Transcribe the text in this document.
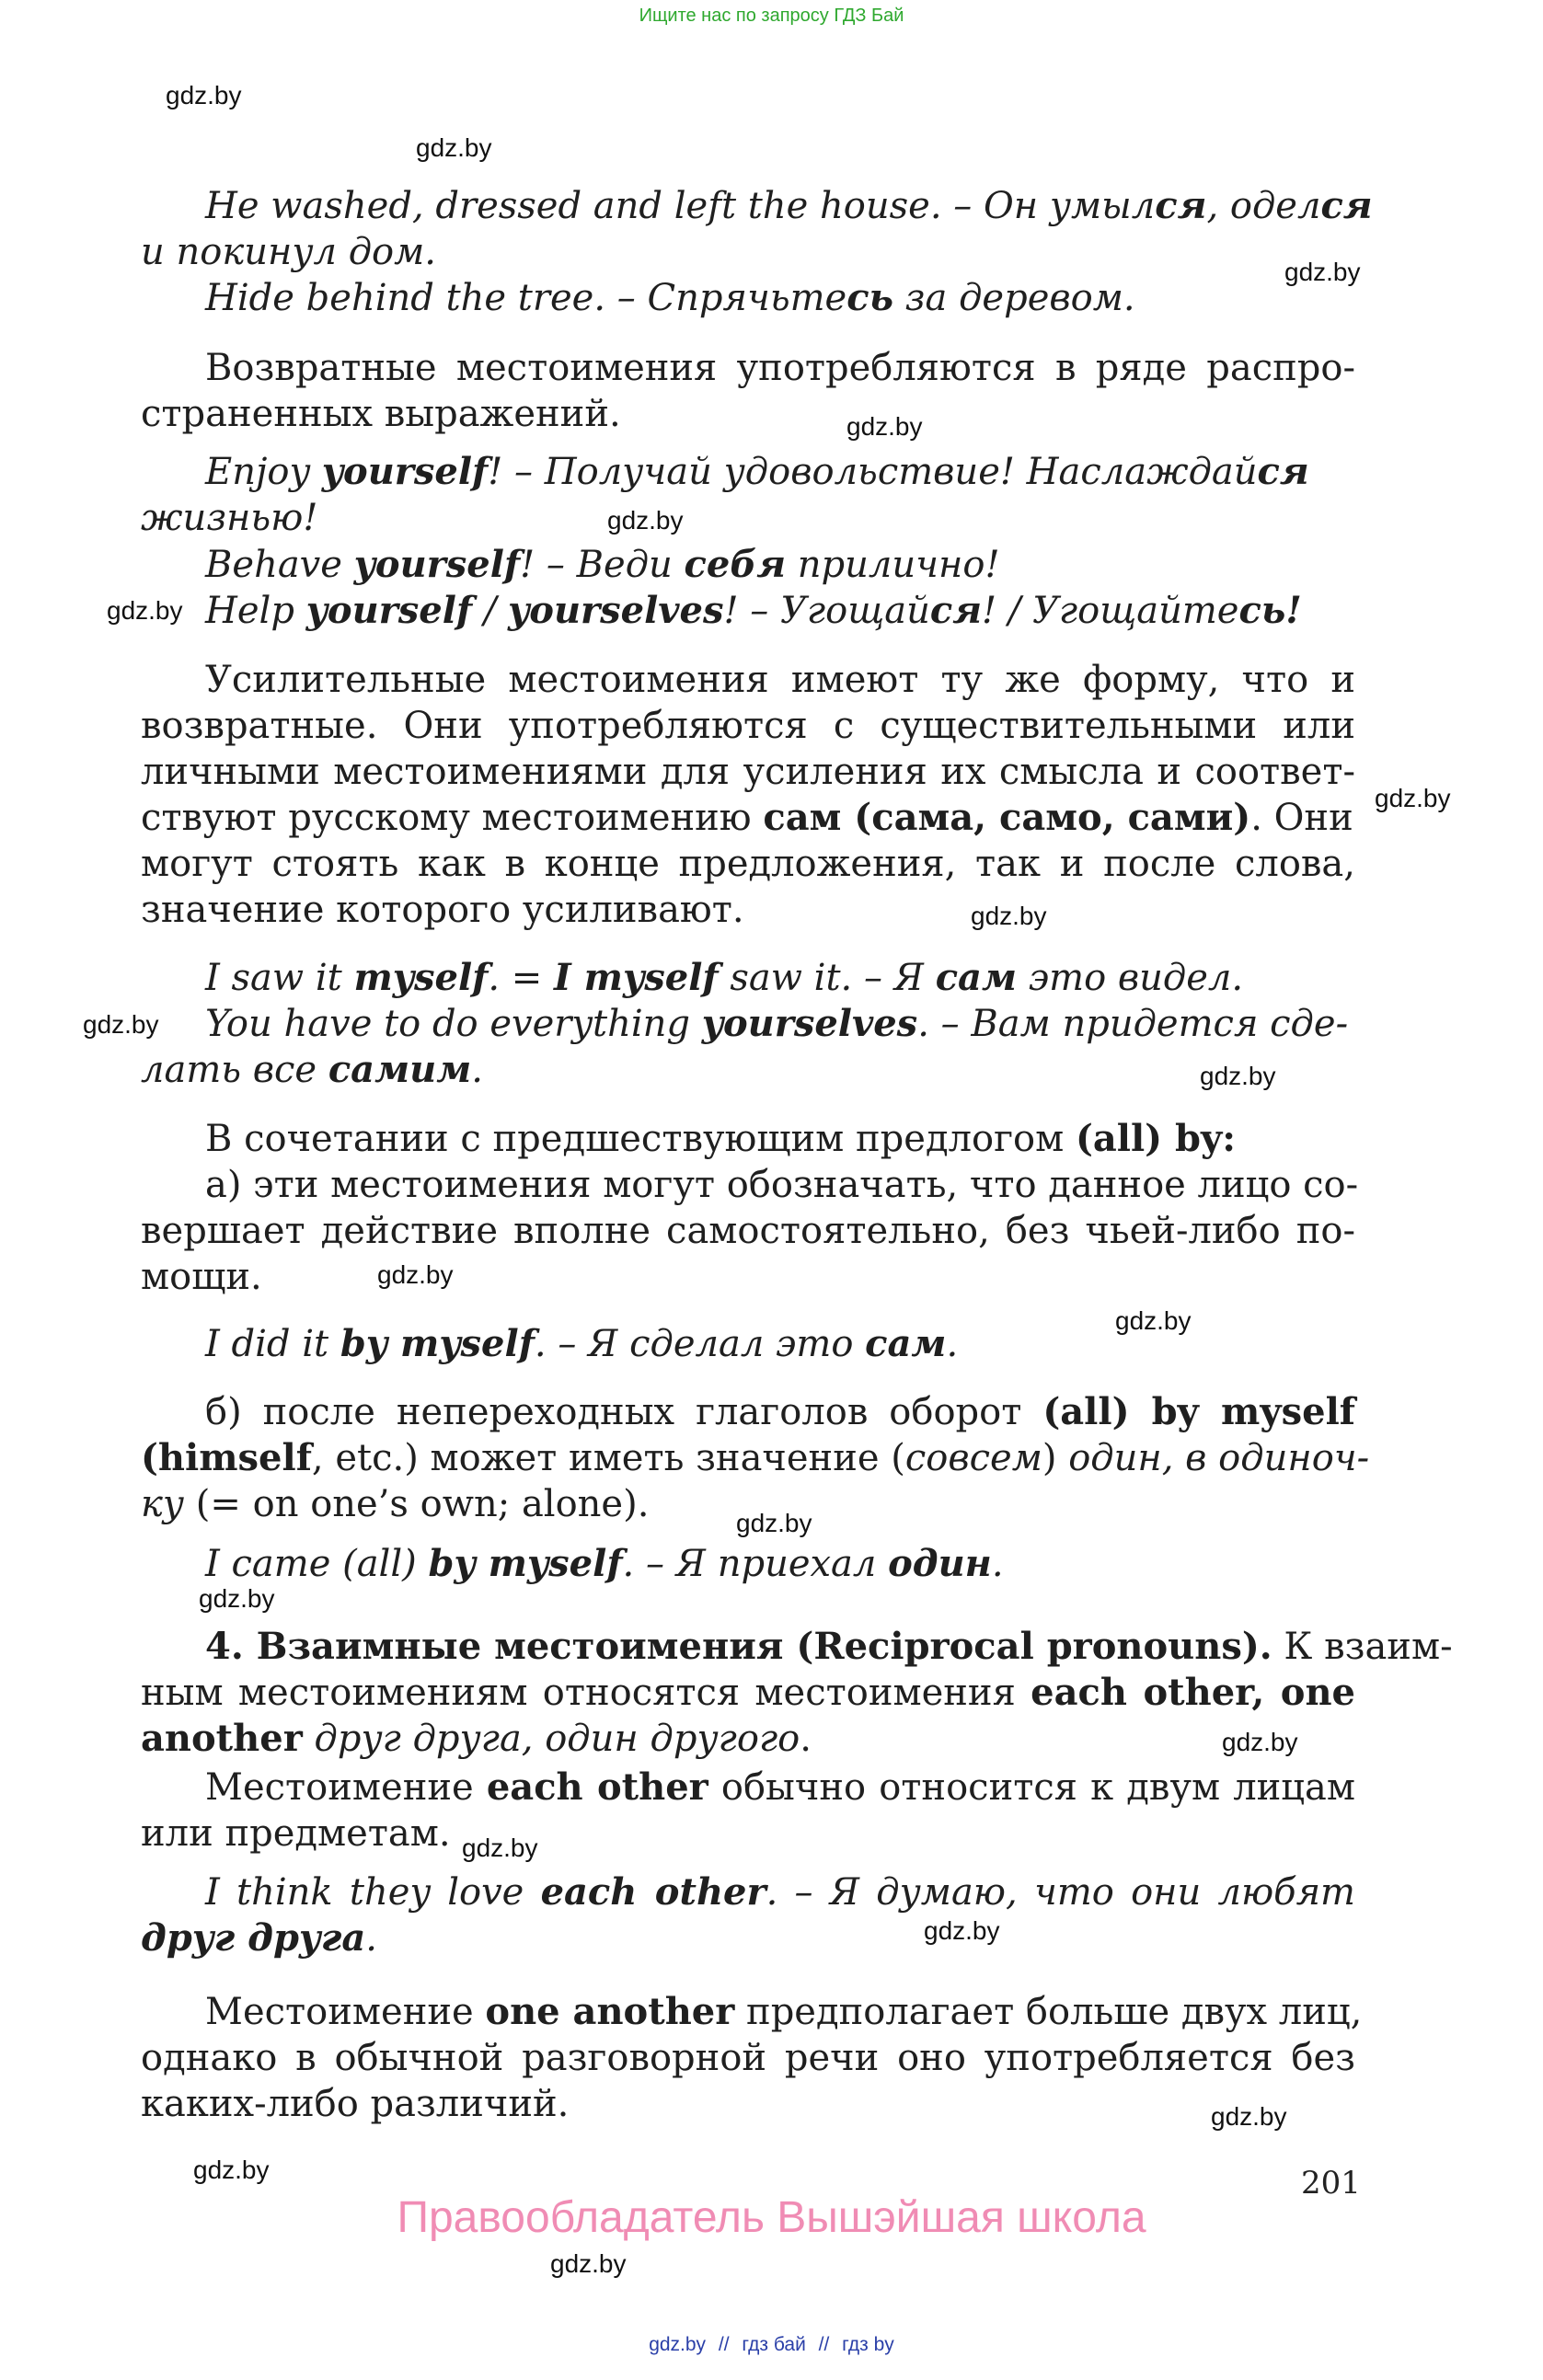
Ищите нас по запросу ГДЗ Бай
gdz.by
gdz.by
gdz.by
gdz.by
gdz.by
gdz.by
gdz.by
gdz.by
gdz.by
gdz.by
gdz.by
gdz.by
gdz.by
gdz.by
gdz.by
gdz.by
gdz.by
gdz.by
gdz.by
gdz.by
He washed, dressed and left the house. – Он умылся, оделся
и покинул дом.
Hide behind the tree. – Спрячьтесь за деревом.
Возвратные местоимения употребляются в ряде распро-
страненных выражений.
Enjoy yourself! – Получай удовольствие! Наслаждайся
жизнью!
Behave yourself! – Веди себя прилично!
Help yourself / yourselves! – Угощайся! / Угощайтесь!
Усилительные местоимения имеют ту же форму, что и
возвратные. Они употребляются с существительными или
личными местоимениями для усиления их смысла и соответ-
ствуют русскому местоимению сам (сама, само, сами). Они
могут стоять как в конце предложения, так и после слова,
значение которого усиливают.
I saw it myself. = I myself saw it. – Я сам это видел.
You have to do everything yourselves. – Вам придется сде-
лать все самим.
В сочетании с предшествующим предлогом (all) by:
а) эти местоимения могут обозначать, что данное лицо со-
вершает действие вполне самостоятельно, без чьей-либо по-
мощи.
I did it by myself. – Я сделал это сам.
б) после непереходных глаголов оборот (all) by myself
(himself, etc.) может иметь значение (совсем) один, в одиноч-
ку (= on one’s own; alone).
I came (all) by myself. – Я приехал один.
4. Взаимные местоимения (Reciprocal pronouns). К взаим-
ным местоимениям относятся местоимения each other, one
another друг друга, один другого.
Местоимение each other обычно относится к двум лицам
или предметам.
I think they love each other. – Я думаю, что они любят
друг друга.
Местоимение one another предполагает больше двух лиц,
однако в обычной разговорной речи оно употребляется без
каких-либо различий.
201
Правообладатель Вышэйшая школа
gdz.by // гдз бай // гдз by
